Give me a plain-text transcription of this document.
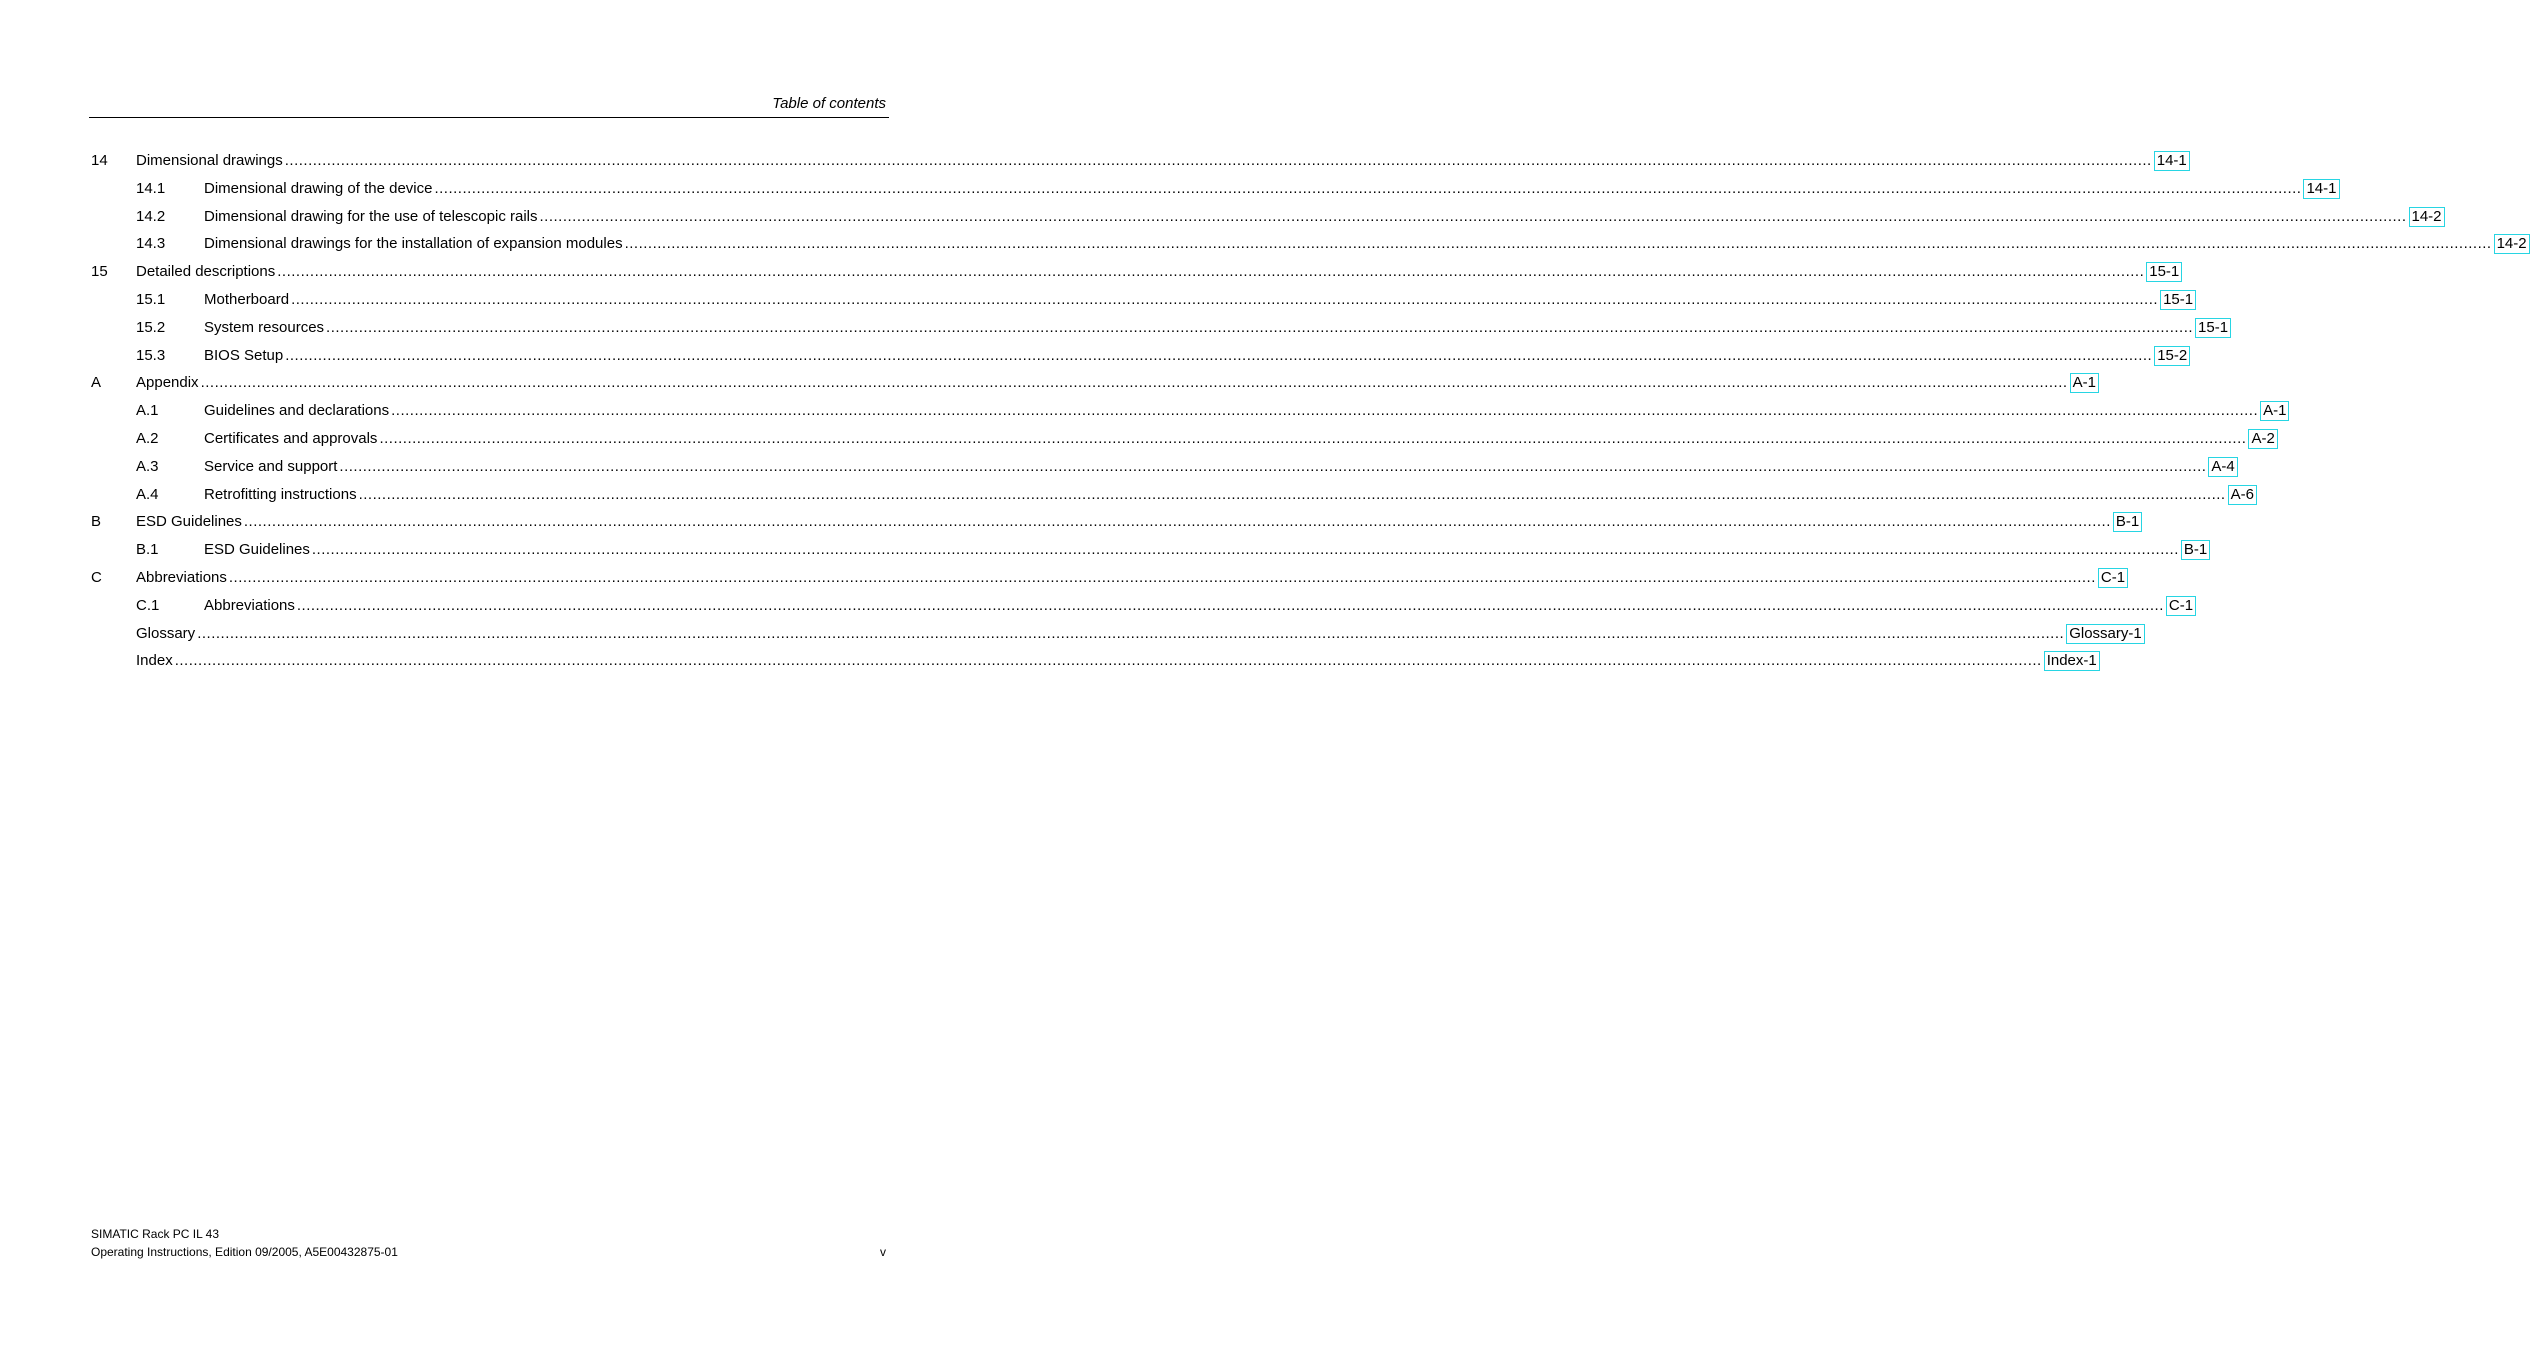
Table of contents
14 Dimensional drawings ................................................................................................................................................................................................................................................................................................................................................................................................................ 14-1
14.1	Dimensional drawing of the device ................................................................................................................................................................................................................................................................................................................................................................................................................ 14-1
14.2	Dimensional drawing for the use of telescopic rails ................................................................................................................................................................................................................................................................................................................................................................................................................ 14-2
14.3	Dimensional drawings for the installation of expansion modules ................................................................................................................................................................................................................................................................................................................................................................................................................ 14-2
15 Detailed descriptions ................................................................................................................................................................................................................................................................................................................................................................................................................ 15-1
15.1	Motherboard ................................................................................................................................................................................................................................................................................................................................................................................................................ 15-1
15.2	System resources ................................................................................................................................................................................................................................................................................................................................................................................................................ 15-1
15.3	BIOS Setup ................................................................................................................................................................................................................................................................................................................................................................................................................ 15-2
A Appendix ................................................................................................................................................................................................................................................................................................................................................................................................................ A-1
A.1	Guidelines and declarations ................................................................................................................................................................................................................................................................................................................................................................................................................ A-1
A.2	Certificates and approvals ................................................................................................................................................................................................................................................................................................................................................................................................................ A-2
A.3	Service and support ................................................................................................................................................................................................................................................................................................................................................................................................................ A-4
A.4	Retrofitting instructions ................................................................................................................................................................................................................................................................................................................................................................................................................ A-6
B ESD Guidelines ................................................................................................................................................................................................................................................................................................................................................................................................................ B-1
B.1	ESD Guidelines ................................................................................................................................................................................................................................................................................................................................................................................................................ B-1
C Abbreviations ................................................................................................................................................................................................................................................................................................................................................................................................................ C-1
C.1	Abbreviations ................................................................................................................................................................................................................................................................................................................................................................................................................ C-1
Glossary ................................................................................................................................................................................................................................................................................................................................................................................................................ Glossary-1
Index ................................................................................................................................................................................................................................................................................................................................................................................................................ Index-1
SIMATIC Rack PC IL 43
Operating Instructions, Edition 09/2005, A5E00432875-01	v
